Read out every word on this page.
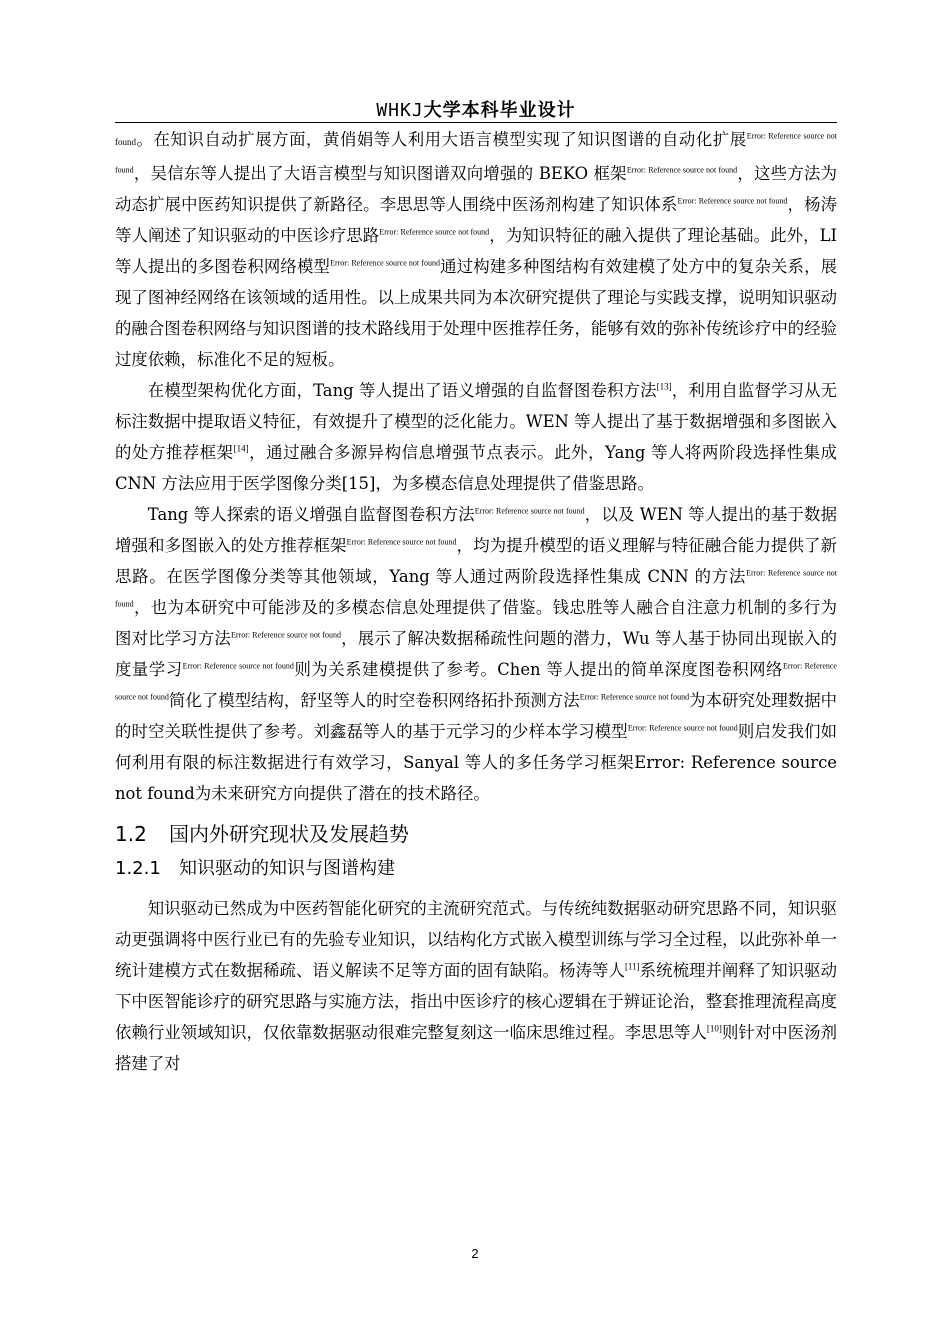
WHKJ大学本科毕业设计

found。在知识自动扩展方面，黄俏娟等人利用大语言模型实现了知识图谱的自动化扩展$^{Error: Reference source not found}$，吴信东等人提出了大语言模型与知识图谱双向增强的 BEKO 框架$^{Error: Reference source not found}$，这些方法为动态扩展中医药知识提供了新路径。李思思等人围绕中医汤剂构建了知识体系$^{Error: Reference source not found}$，杨涛等人阐述了知识驱动的中医诊疗思路$^{Error: Reference source not found}$，为知识特征的融入提供了理论基础。此外，LI 等人提出的多图卷积网络模型$^{Error: Reference source not found}$通过构建多种图结构有效建模了处方中的复杂关系，展现了图神经网络在该领域的适用性。以上成果共同为本次研究提供了理论与实践支撑，说明知识驱动的融合图卷积网络与知识图谱的技术路线用于处理中医推荐任务，能够有效的弥补传统诊疗中的经验过度依赖，标准化不足的短板。

在模型架构优化方面，Tang 等人提出了语义增强的自监督图卷积方法[13]，利用自监督学习从无标注数据中提取语义特征，有效提升了模型的泛化能力。WEN 等人提出了基于数据增强和多图嵌入的处方推荐框架[14]，通过融合多源异构信息增强节点表示。此外，Yang 等人将两阶段选择性集成 CNN 方法应用于医学图像分类[15]，为多模态信息处理提供了借鉴思路。

Tang 等人探索的语义增强自监督图卷积方法$^{Error: Reference source not found}$，以及 WEN 等人提出的基于数据增强和多图嵌入的处方推荐框架$^{Error: Reference source not found}$，均为提升模型的语义理解与特征融合能力提供了新思路。在医学图像分类等其他领域，Yang 等人通过两阶段选择性集成 CNN 的方法$^{Error: Reference source not found}$，也为本研究中可能涉及的多模态信息处理提供了借鉴。钱忠胜等人融合自注意力机制的多行为图对比学习方法$^{Error: Reference source not found}$，展示了解决数据稀疏性问题的潜力，Wu 等人基于协同出现嵌入的度量学习$^{Error: Reference source not found}$则为关系建模提供了参考。Chen 等人提出的简单深度图卷积网络$^{Error: Reference source not found}$简化了模型结构，舒坚等人的时空卷积网络拓扑预测方法$^{Error: Reference source not found}$为本研究处理数据中的时空关联性提供了参考。刘鑫磊等人的基于元学习的少样本学习模型$^{Error: Reference source not found}$则启发我们如何利用有限的标注数据进行有效学习，Sanyal 等人的多任务学习框架Error: Reference source not found为未来研究方向提供了潜在的技术路径。

1.2 国内外研究现状及发展趋势
1.2.1 知识驱动的知识与图谱构建

知识驱动已然成为中医药智能化研究的主流研究范式。与传统纯数据驱动研究思路不同，知识驱动更强调将中医行业已有的先验专业知识，以结构化方式嵌入模型训练与学习全过程，以此弥补单一统计建模方式在数据稀疏、语义解读不足等方面的固有缺陷。杨涛等人[11]系统梳理并阐释了知识驱动下中医智能诊疗的研究思路与实施方法，指出中医诊疗的核心逻辑在于辨证论治，整套推理流程高度依赖行业领域知识，仅依靠数据驱动很难完整复刻这一临床思维过程。李思思等人[10]则针对中医汤剂搭建了对

2
